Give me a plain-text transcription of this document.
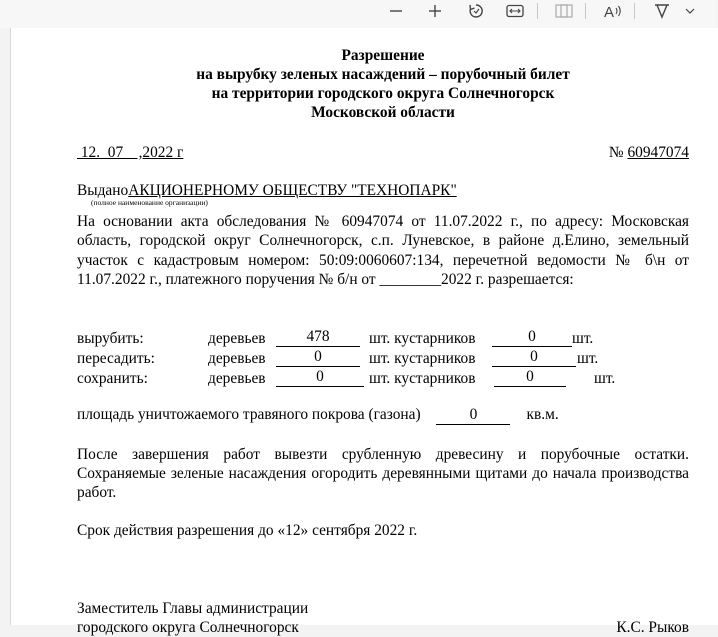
A
Разрешение
на вырубку зеленых насаждений – порубочный билет
на территории городского округа Солнечногорск
Московской области
12.  07    ,2022 г	№ 60947074
ВыданоАКЦИОНЕРНОМУ ОБЩЕСТВУ "ТЕХНОПАРК"
(полное наименование организации)
На основании акта обследования № 60947074 от 11.07.2022 г., по адресу: Московская область, городской округ Солнечногорск, с.п. Луневское, в районе д.Елино, земельный участок с кадастровым номером: 50:09:0060607:134, перечетной ведомости № б\н от 11.07.2022 г., платежного поручения № б/н от ________2022 г. разрешается:
вырубить:	деревьев	478	шт. кустарников	0	шт.
пересадить:	деревьев	0	шт. кустарников	0	шт.
сохранить:	деревьев	0	шт. кустарников	0	шт.
площадь уничтожаемого травяного покрова (газона)	0	кв.м.
После завершения работ вывезти срубленную древесину и порубочные остатки. Сохраняемые зеленые насаждения огородить деревянными щитами до начала производства работ.
Срок действия разрешения до «12» сентября 2022 г.
Заместитель Главы администрации
городского округа Солнечногорск	К.С. Рыков
